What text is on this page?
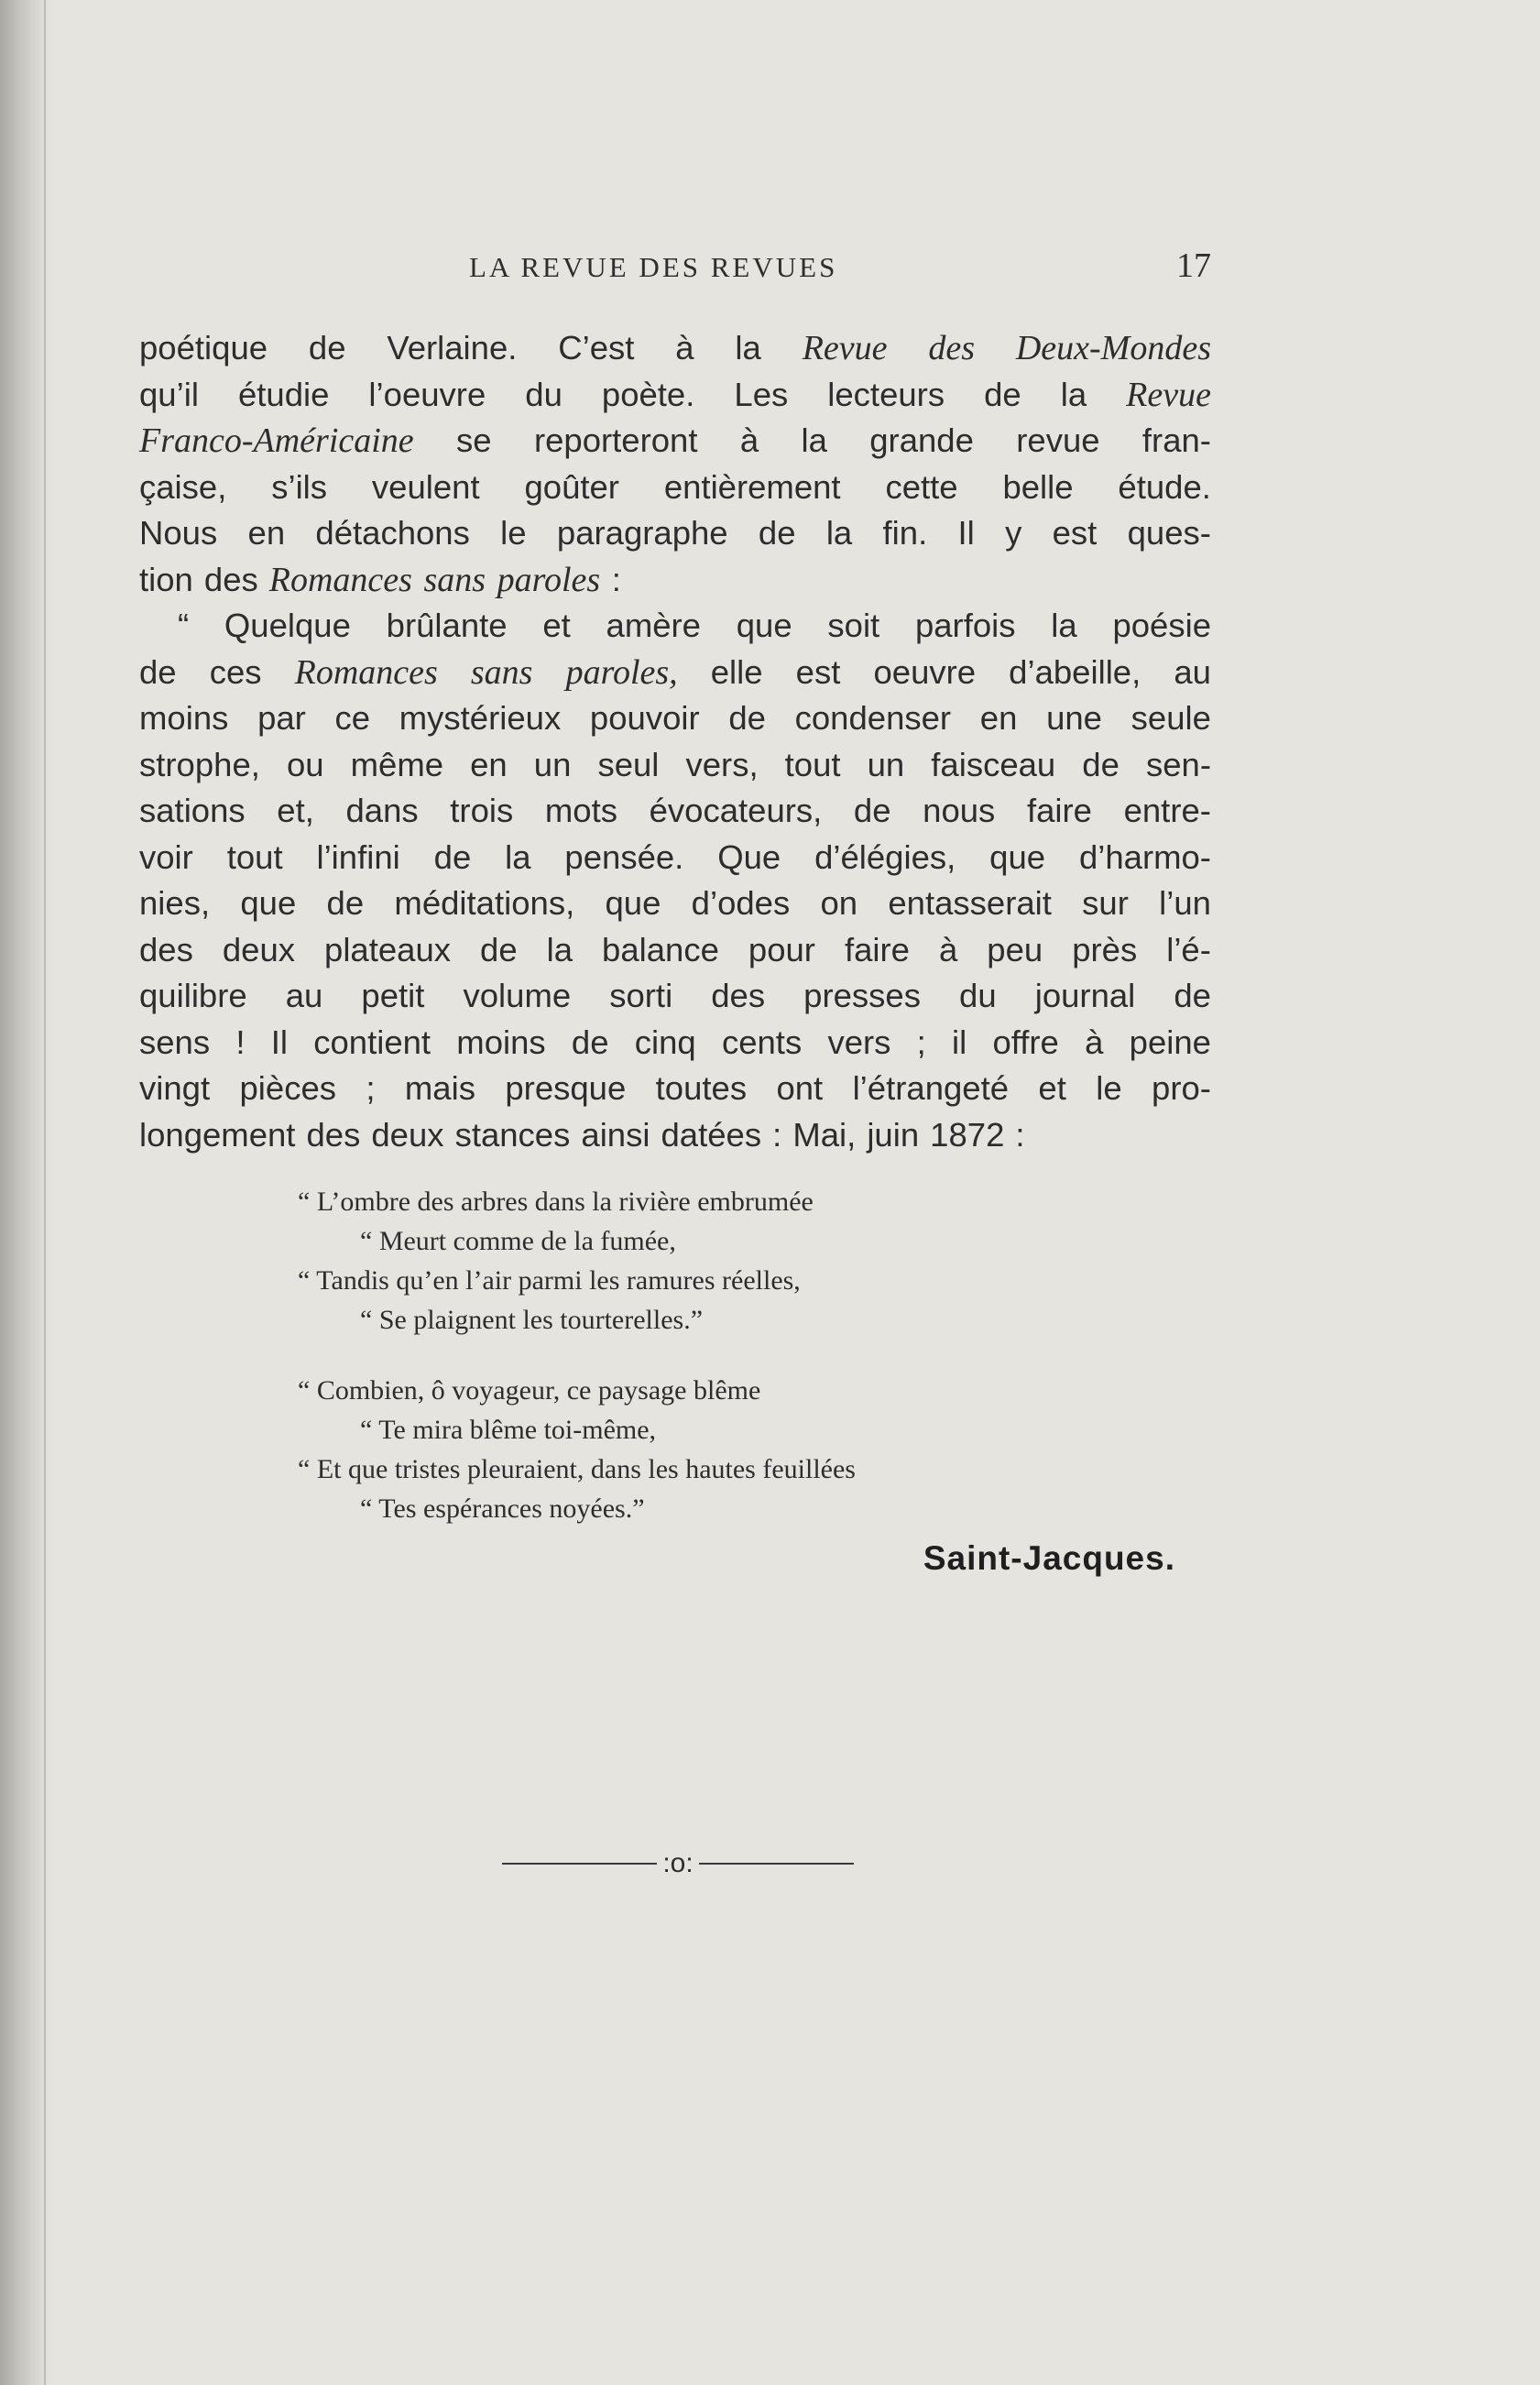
LA REVUE DES REVUES	17
poétique de Verlaine. C’est à la Revue des Deux-Mondes
qu’il étudie l’oeuvre du poète. Les lecteurs de la Revue
Franco-Américaine se reporteront à la grande revue fran-
çaise, s’ils veulent goûter entièrement cette belle étude.
Nous en détachons le paragraphe de la fin. Il y est ques-
tion des Romances sans paroles :
“ Quelque brûlante et amère que soit parfois la poésie
de ces Romances sans paroles, elle est oeuvre d’abeille, au
moins par ce mystérieux pouvoir de condenser en une seule
strophe, ou même en un seul vers, tout un faisceau de sen-
sations et, dans trois mots évocateurs, de nous faire entre-
voir tout l’infini de la pensée. Que d’élégies, que d’harmo-
nies, que de méditations, que d’odes on entasserait sur l’un
des deux plateaux de la balance pour faire à peu près l’é-
quilibre au petit volume sorti des presses du journal de
sens ! Il contient moins de cinq cents vers ; il offre à peine
vingt pièces ; mais presque toutes ont l’étrangeté et le pro-
longement des deux stances ainsi datées : Mai, juin 1872 :
“ L’ombre des arbres dans la rivière embrumée
“ Meurt comme de la fumée,
“ Tandis qu’en l’air parmi les ramures réelles,
“ Se plaignent les tourterelles.”
“ Combien, ô voyageur, ce paysage blême
“ Te mira blême toi-même,
“ Et que tristes pleuraient, dans les hautes feuillées
“ Tes espérances noyées.”
Saint-Jacques.
:o:
